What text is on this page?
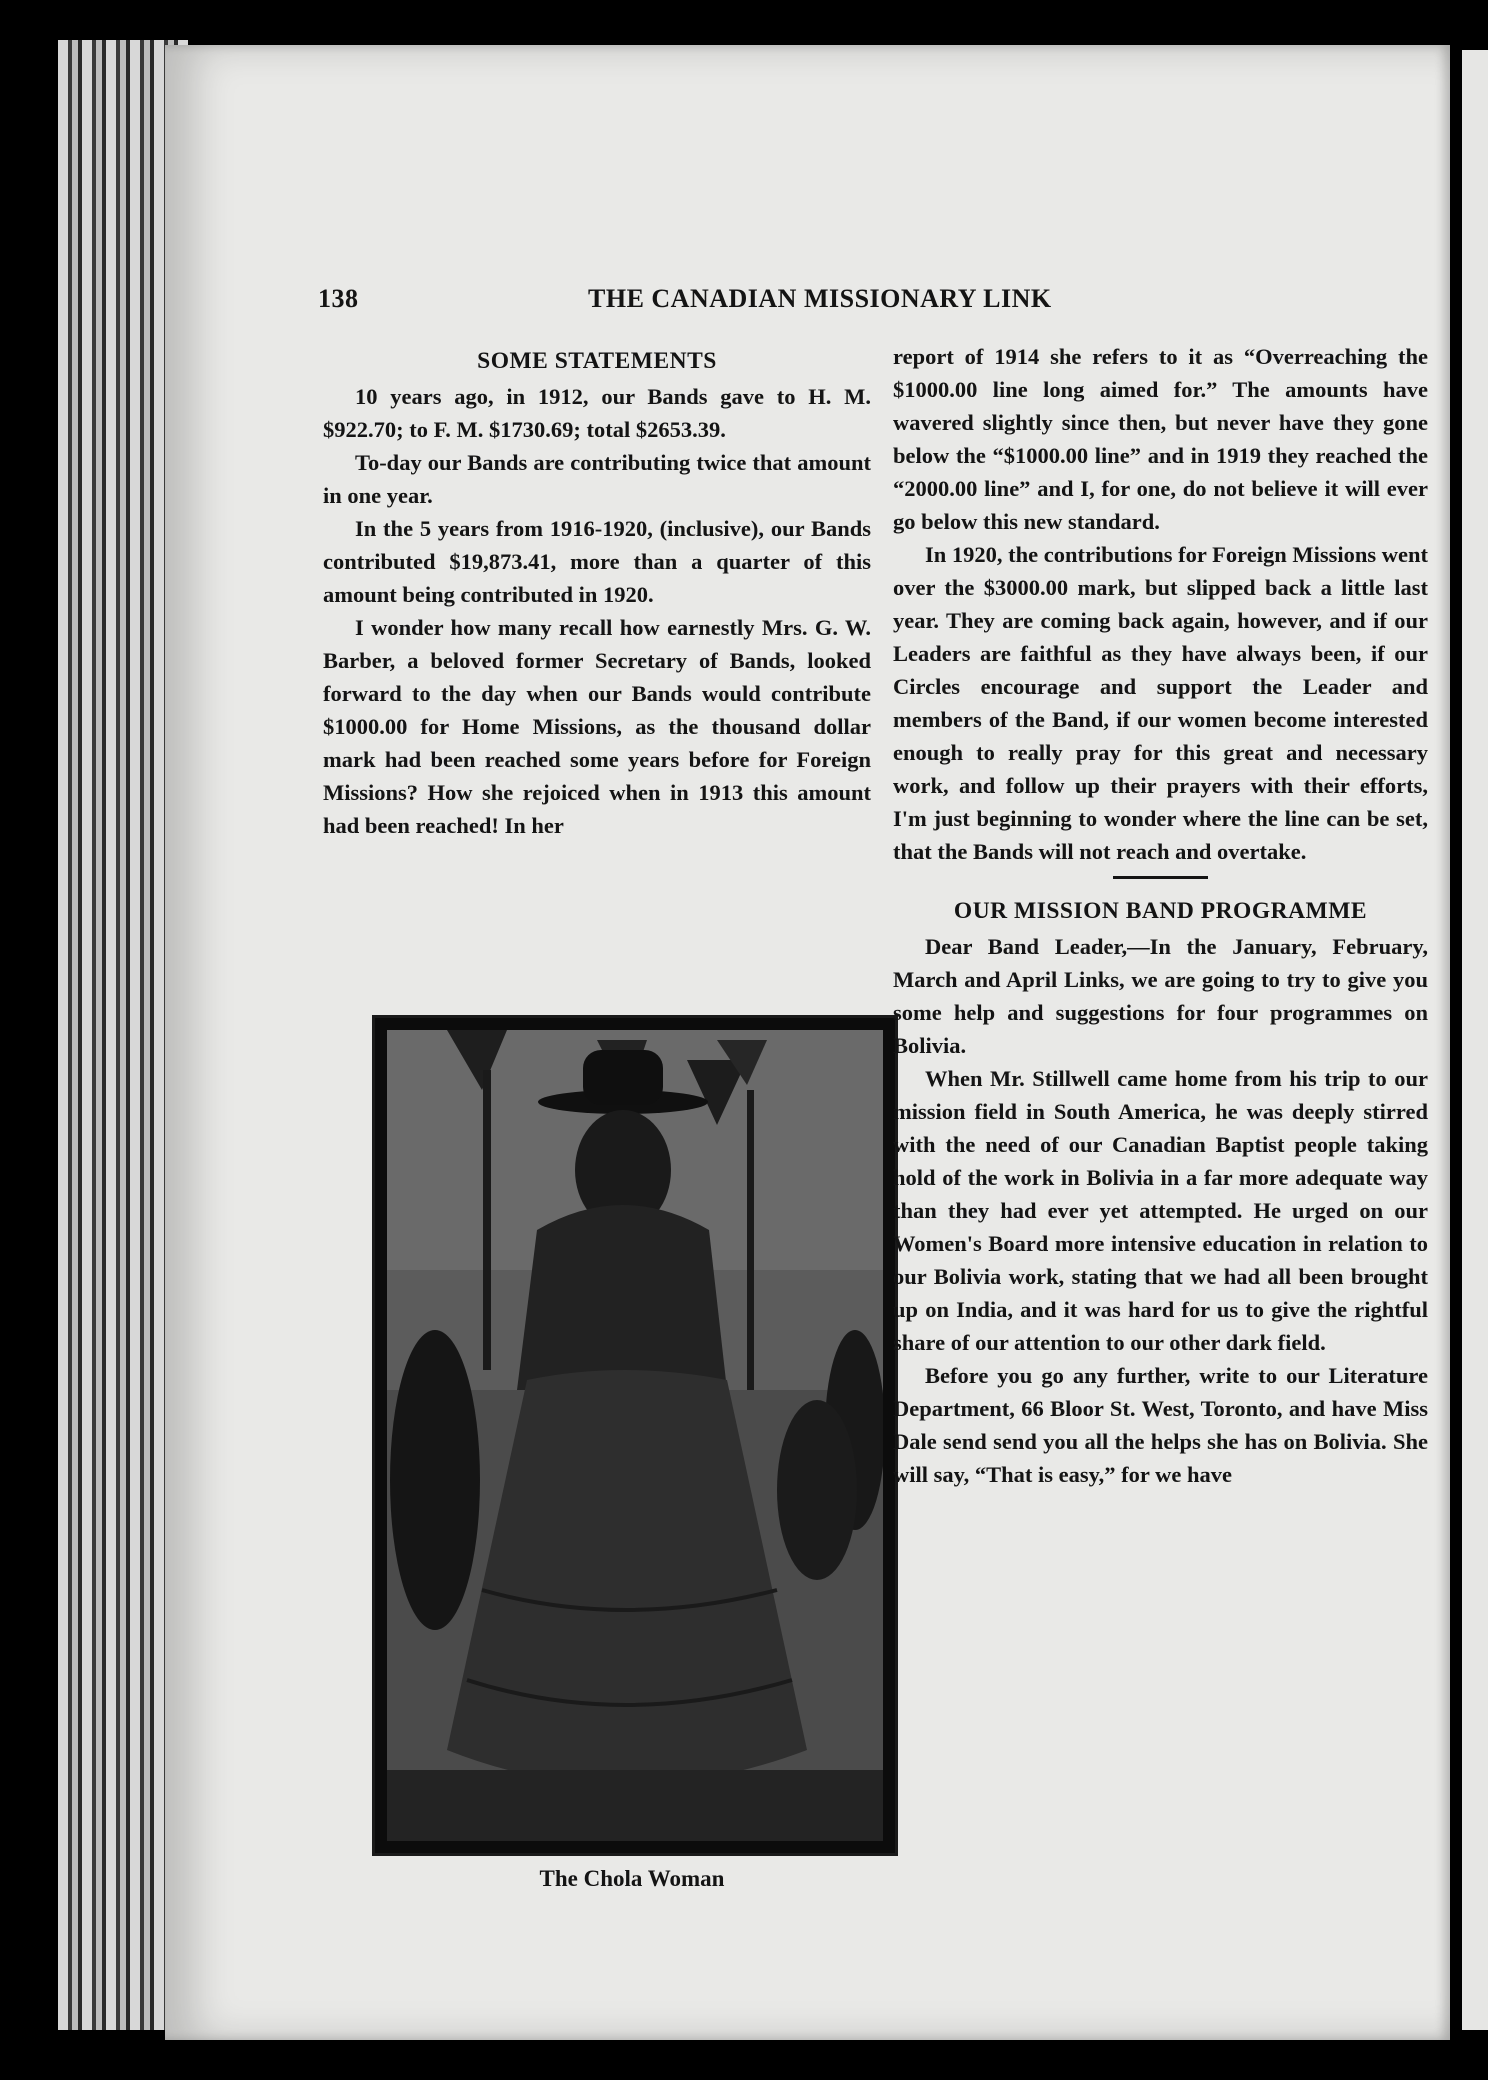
138	THE CANADIAN MISSIONARY LINK
SOME STATEMENTS

10 years ago, in 1912, our Bands gave to H. M. $922.70; to F. M. $1730.69; total $2653.39.

To-day our Bands are contributing twice that amount in one year.

In the 5 years from 1916-1920, (inclusive), our Bands contributed $19,873.41, more than a quarter of this amount being contributed in 1920.

I wonder how many recall how earnestly Mrs. G. W. Barber, a beloved former Secretary of Bands, looked forward to the day when our Bands would contribute $1000.00 for Home Missions, as the thousand dollar mark had been reached some years before for Foreign Missions? How she rejoiced when in 1913 this amount had been reached! In her

The Chola Woman

report of 1914 she refers to it as “Overreaching the $1000.00 line long aimed for.” The amounts have wavered slightly since then, but never have they gone below the “$1000.00 line” and in 1919 they reached the “2000.00 line” and I, for one, do not believe it will ever go below this new standard.

In 1920, the contributions for Foreign Missions went over the $3000.00 mark, but slipped back a little last year. They are coming back again, however, and if our Leaders are faithful as they have always been, if our Circles encourage and support the Leader and members of the Band, if our women become interested enough to really pray for this great and necessary work, and follow up their prayers with their efforts, I'm just beginning to wonder where the line can be set, that the Bands will not reach and overtake.

OUR MISSION BAND PROGRAMME

Dear Band Leader,—In the January, February, March and April Links, we are going to try to give you some help and suggestions for four programmes on Bolivia.

When Mr. Stillwell came home from his trip to our mission field in South America, he was deeply stirred with the need of our Canadian Baptist people taking hold of the work in Bolivia in a far more adequate way than they had ever yet attempted. He urged on our Women's Board more intensive education in relation to our Bolivia work, stating that we had all been brought up on India, and it was hard for us to give the rightful share of our attention to our other dark field.

Before you go any further, write to our Literature Department, 66 Bloor St. West, Toronto, and have Miss Dale send send you all the helps she has on Bolivia. She will say, “That is easy,” for we have
